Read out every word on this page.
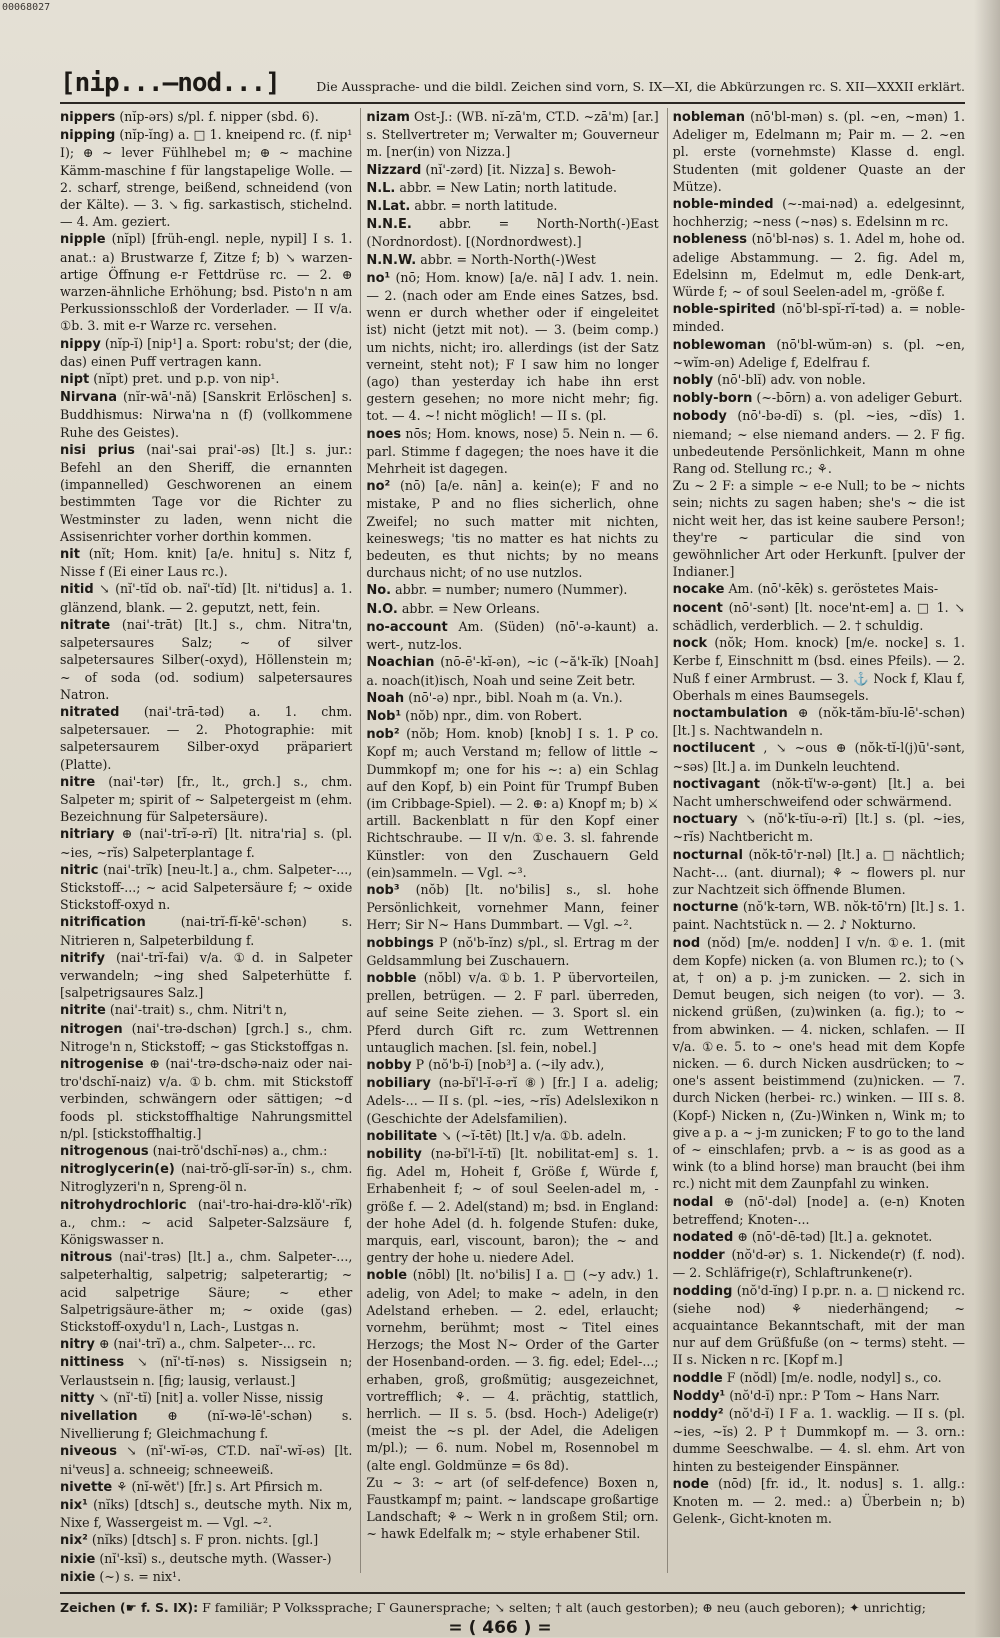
00068027
[nip...—nod...]	Die Aussprache- und die bildl. Zeichen sind vorn, S. IX—XI, die Abkürzungen rc. S. XII—XXXII erklärt.

nippers (nĭp-ərs) s/pl. f. nipper (sbd. 6).

nipping (nĭp-ĭng) a. □ 1. kneipend rc. (f. nip¹ I); ⊕ ~ lever Fühlhebel m; ⊕ ~ machine Kämm-maschine f für langstapelige Wolle. — 2. scharf, strenge, beißend, schneidend (von der Kälte). — 3. ↘ fig. sarkastisch, stichelnd. — 4. Am. geziert.

nipple (nĭpl) [früh-engl. neple, nypil] I s. 1. anat.: a) Brustwarze f, Zitze f; b) ↘ warzen-artige Öffnung e-r Fettdrüse rc. — 2. ⊕ warzen-ähnliche Erhöhung; bsd. Pisto'n n am Perkussionsschloß der Vorderlader. — II v/a. ①b. 3. mit e-r Warze rc. versehen.

nippy (nĭp-ĭ) [nip¹] a. Sport: robu'st; der (die, das) einen Puff vertragen kann.

nipt (nĭpt) pret. und p.p. von nip¹.

Nirvana (nĭr-wā'-nă) [Sanskrit Erlöschen] s. Buddhismus: Nirwa'na n (f) (vollkommene Ruhe des Geistes).

nisi prius (nai'-sai prai'-əs) [lt.] s. jur.: Befehl an den Sheriff, die ernannten (impannelled) Geschworenen an einem bestimmten Tage vor die Richter zu Westminster zu laden, wenn nicht die Assisenrichter vorher dorthin kommen.

nit (nĭt; Hom. knit) [a/e. hnitu] s. Nitz f, Nisse f (Ei einer Laus rc.).

nitid ↘ (nĭ'-tĭd ob. naĭ'-tĭd) [lt. ni'tidus] a. 1. glänzend, blank. — 2. geputzt, nett, fein.

nitrate (nai'-trāt) [lt.] s., chm. Nitra'tn, salpetersaures Salz; ~ of silver salpetersaures Silber(-oxyd), Höllenstein m; ~ of soda (od. sodium) salpetersaures Natron.

nitrated (nai'-trā-təd) a. 1. chm. salpetersauer. — 2. Photographie: mit salpetersaurem Silber-oxyd präpariert (Platte).

nitre (nai'-tər) [fr., lt., grch.] s., chm. Salpeter m; spirit of ~ Salpetergeist m (ehm. Bezeichnung für Salpetersäure).

nitriary ⊕ (nai'-trĭ-ə-rĭ) [lt. nitra'ria] s. (pl. ~ies, ~rĭs) Salpeterplantage f.

nitric (nai'-trĭk) [neu-lt.] a., chm. Salpeter-..., Stickstoff-...; ~ acid Salpetersäure f; ~ oxide Stickstoff-oxyd n.

nitrification	(nai-trĭ-fĭ-kē'-schən) s. Nitrieren n, Salpeterbildung f.

nitrify (nai'-trĭ-fai) v/a. ①d. in Salpeter verwandeln; ~ing shed Salpeterhütte f. [salpetrigsaures Salz.]

nitrite (nai'-trait) s., chm. Nitri't n,

nitrogen (nai'-trə-dschən) [grch.] s., chm. Nitroge'n n, Stickstoff; ~ gas Stickstoffgas n.

nitrogenise ⊕ (nai'-trə-dschə-naiz oder nai-tro'dschĭ-naiz) v/a. ①b. chm. mit Stickstoff verbinden, schwängern oder sättigen; ~d foods pl. stickstoffhaltige Nahrungsmittel n/pl. [stickstoffhaltig.]

nitrogenous (nai-trŏ'dschĭ-nəs) a., chm.:

nitroglycerin(e) (nai-trŏ-glĭ-sər-ĭn) s., chm. Nitroglyzeri'n n, Spreng-öl n.

nitrohydrochloric (nai'-tro-hai-drə-klŏ'-rĭk) a., chm.: ~ acid Salpeter-Salzsäure f, Königswasser n.

nitrous (nai'-trəs) [lt.] a., chm. Salpeter-..., salpeterhaltig, salpetrig; salpeterartig; ~ acid salpetrige Säure; ~ ether Salpetrigsäure-äther m; ~ oxide (gas) Stickstoff-oxydu'l n, Lach-, Lustgas n.

nitry ⊕ (nai'-trĭ) a., chm. Salpeter-... rc.

nittiness ↘ (nĭ'-tĭ-nəs) s. Nissigsein n; Verlaustsein n. [fig; lausig, verlaust.]

nitty ↘ (nĭ'-tĭ) [nit] a. voller Nisse, nissig

nivellation ⊕ (nĭ-wə-lē'-schən) s. Nivellierung f; Gleichmachung f.

niveous ↘ (nĭ'-wĭ-əs, CT.D. naĭ'-wĭ-əs) [lt. ni'veus] a. schneeig; schneeweiß.

nivette ⚘ (nĭ-wĕt') [fr.] s. Art Pfirsich m.

nix¹ (nĭks) [dtsch] s., deutsche myth. Nix m, Nixe f, Wassergeist m. — Vgl. ~².

nix² (nĭks) [dtsch] s. F pron. nichts. [gl.]

nixie (nĭ'-ksĭ) s., deutsche myth. (Wasser-)

nixie (~) s. = nix¹.

nizam Ost-J.: (WB. nĭ-zā'm, CT.D. ~zā'm) [ar.] s. Stellvertreter m; Verwalter m; Gouverneur m. [ner(in) von Nizza.]

Nizzard (nĭ'-zərd) [it. Nizza] s. Bewoh-

N.L. abbr. = New Latin; north latitude.

N.Lat. abbr. = north latitude.

N.N.E. abbr. = North-North(-)East (Nordnordost). [(Nordnordwest).]

N.N.W. abbr. = North-North(-)West

no¹ (nō; Hom. know) [a/e. nā] I adv. 1. nein. — 2. (nach oder am Ende eines Satzes, bsd. wenn er durch whether oder if eingeleitet ist) nicht (jetzt mit not). — 3. (beim comp.) um nichts, nicht; iro. allerdings (ist der Satz verneint, steht not); F I saw him no longer (ago) than yesterday ich habe ihn erst gestern gesehen; no more nicht mehr; fig. tot. — 4. ~! nicht möglich! — II s. (pl.

noes nōs; Hom. knows, nose) 5. Nein n. — 6. parl. Stimme f dagegen; the noes have it die Mehrheit ist dagegen.

no² (nō) [a/e. nān] a. kein(e); F and no mistake, P and no flies sicherlich, ohne Zweifel; no such matter mit nichten, keineswegs; 'tis no matter es hat nichts zu bedeuten, es thut nichts; by no means durchaus nicht; of no use nutzlos.

No. abbr. = number; numero (Nummer).

N.O. abbr. = New Orleans.

no-account Am. (Süden) (nō'-ə-kaunt) a. wert-, nutz-los.

Noachian (nō-ē'-kĭ-ən), ~ic (~ă'k-ĭk) [Noah] a. noach(it)isch, Noah und seine Zeit betr.

Noah (nō'-ə) npr., bibl. Noah m (a. Vn.).

Nob¹ (nŏb) npr., dim. von Robert.

nob² (nŏb; Hom. knob) [knob] I s. 1. P co. Kopf m; auch Verstand m; fellow of little ~ Dummkopf m; one for his ~: a) ein Schlag auf den Kopf, b) ein Point für Trumpf Buben (im Cribbage-Spiel). — 2. ⊕: a) Knopf m; b) ⚔ artill. Backenblatt n für den Kopf einer Richtschraube. — II v/n. ①e. 3. sl. fahrende Künstler: von den Zuschauern Geld (ein)sammeln. — Vgl. ~³.

nob³ (nŏb) [lt. no'bilis] s., sl. hohe Persönlichkeit, vornehmer Mann, feiner Herr; Sir N~ Hans Dummbart. — Vgl. ~².

nobbings P (nŏ'b-ĭnz) s/pl., sl. Ertrag m der Geldsammlung bei Zuschauern.

nobble (nŏbl) v/a. ①b. 1. P übervorteilen, prellen, betrügen. — 2. F parl. überreden, auf seine Seite ziehen. — 3. Sport sl. ein Pferd durch Gift rc. zum Wettrennen untauglich machen. [sl. fein, nobel.]

nobby P (nŏ'b-ĭ) [nob³] a. (~ily adv.),

nobiliary (nə-bĭ'l-ĭ-ə-rĭ ⑧) [fr.] I a. adelig; Adels-... — II s. (pl. ~ies, ~rĭs) Adelslexikon n (Geschichte der Adelsfamilien).

nobilitate ↘ (~ĭ-tēt) [lt.] v/a. ①b. adeln.

nobility (nə-bĭ'l-ĭ-tĭ) [lt. nobilitat-em] s. 1. fig. Adel m, Hoheit f, Größe f, Würde f, Erhabenheit f; ~ of soul Seelen-adel m, -größe f. — 2. Adel(stand) m; bsd. in England: der hohe Adel (d. h. folgende Stufen: duke, marquis, earl, viscount, baron); the ~ and gentry der hohe u. niedere Adel.

noble (nōbl) [lt. no'bilis] I a. □ (~y adv.) 1. adelig, von Adel; to make ~ adeln, in den Adelstand erheben. — 2. edel, erlaucht; vornehm, berühmt; most ~ Titel eines Herzogs; the Most N~ Order of the Garter der Hosenband-orden. — 3. fig. edel; Edel-...; erhaben, groß, großmütig; ausgezeichnet, vortrefflich; ⚘. — 4. prächtig, stattlich, herrlich. — II s. 5. (bsd. Hoch-) Adelige(r) (meist the ~s pl. der Adel, die Adeligen m/pl.); — 6. num. Nobel m, Rosennobel m (alte engl. Goldmünze = 6s 8d).

Zu ~ 3: ~ art (of self-defence) Boxen n, Faustkampf m; paint. ~ landscape großartige Landschaft; ⚘ ~ Werk n in großem Stil; orn. ~ hawk Edelfalk m; ~ style erhabener Stil.

nobleman (nō'bl-mən) s. (pl. ~en, ~mən) 1. Adeliger m, Edelmann m; Pair m. — 2. ~en pl. erste (vornehmste) Klasse d. engl. Studenten (mit goldener Quaste an der Mütze).

noble-minded (~-mai-nəd) a. edelgesinnt, hochherzig; ~ness (~nəs) s. Edelsinn m rc.

nobleness (nō'bl-nəs) s. 1. Adel m, hohe od. adelige Abstammung. — 2. fig. Adel m, Edelsinn m, Edelmut m, edle Denk-art, Würde f; ~ of soul Seelen-adel m, -größe f.

noble-spirited (nō'bl-spĭ-rĭ-təd) a. = noble-minded.

noblewoman (nō'bl-wŭm-ən) s. (pl. ~en, ~wĭm-ən) Adelige f, Edelfrau f.

nobly (nō'-blĭ) adv. von noble.

nobly-born (~-bōrn) a. von adeliger Geburt.

nobody (nō'-bə-dĭ) s. (pl. ~ies, ~dĭs) 1. niemand; ~ else niemand anders. — 2. F fig. unbedeutende Persönlichkeit, Mann m ohne Rang od. Stellung rc.; ⚘.

Zu ~ 2 F: a simple ~ e-e Null; to be ~ nichts sein; nichts zu sagen haben; she's ~ die ist nicht weit her, das ist keine saubere Person!; they're ~ particular die sind von gewöhnlicher Art oder Herkunft. [pulver der Indianer.]

nocake Am. (nō'-kēk) s. geröstetes Mais-

nocent (nō'-sənt) [lt. noce'nt-em] a. □ 1. ↘ schädlich, verderblich. — 2. † schuldig.

nock (nŏk; Hom. knock) [m/e. nocke] s. 1. Kerbe f, Einschnitt m (bsd. eines Pfeils). — 2. Nuß f einer Armbrust. — 3. ⚓ Nock f, Klau f, Oberhals m eines Baumsegels.

noctambulation ⊕ (nŏk-tăm-bĭu-lē'-schən) [lt.] s. Nachtwandeln n.

noctilucent , ↘ ~ous ⊕ (nŏk-tĭ-l(j)ū'-sənt, ~səs) [lt.] a. im Dunkeln leuchtend.

noctivagant (nŏk-tĭ'w-ə-gənt) [lt.] a. bei Nacht umherschweifend oder schwärmend.

noctuary ↘ (nŏ'k-tĭu-ə-rĭ) [lt.] s. (pl. ~ies, ~rĭs) Nachtbericht m.

nocturnal (nŏk-tō'r-nəl) [lt.] a. □ nächtlich; Nacht-... (ant. diurnal); ⚘ ~ flowers pl. nur zur Nachtzeit sich öffnende Blumen.

nocturne (nŏ'k-tərn, WB. nŏk-tō'rn) [lt.] s. 1. paint. Nachtstück n. — 2. ♪ Nokturno.

nod (nŏd) [m/e. nodden] I v/n. ①e. 1. (mit dem Kopfe) nicken (a. von Blumen rc.); to (↘ at, † on) a p. j-m zunicken. — 2. sich in Demut beugen, sich neigen (to vor). — 3. nickend grüßen, (zu)winken (a. fig.); to ~ from abwinken. — 4. nicken, schlafen. — II v/a. ①e. 5. to ~ one's head mit dem Kopfe nicken. — 6. durch Nicken ausdrücken; to ~ one's assent beistimmend (zu)nicken. — 7. durch Nicken (herbei- rc.) winken. — III s. 8. (Kopf-) Nicken n, (Zu-)Winken n, Wink m; to give a p. a ~ j-m zunicken; F to go to the land of ~ einschlafen; prvb. a ~ is as good as a wink (to a blind horse) man braucht (bei ihm rc.) nicht mit dem Zaunpfahl zu winken.

nodal ⊕ (nō'-dəl) [node] a. (e-n) Knoten betreffend; Knoten-...

nodated ⊕ (nō'-dē-təd) [lt.] a. geknotet.

nodder (nŏ'd-ər) s. 1. Nickende(r) (f. nod). — 2. Schläfrige(r), Schlaftrunkene(r).

nodding (nŏ'd-ĭng) I p.pr. n. a. □ nickend rc. (siehe nod) ⚘ niederhängend; ~ acquaintance Bekanntschaft, mit der man nur auf dem Grüßfuße (on ~ terms) steht. — II s. Nicken n rc. [Kopf m.]

noddle F (nŏdl) [m/e. nodle, nodyl] s., co.

Noddy¹ (nŏ'd-ĭ) npr.: P Tom ~ Hans Narr.

noddy² (nŏ'd-ĭ) I F a. 1. wacklig. — II s. (pl. ~ies, ~ĭs) 2. P † Dummkopf m. — 3. orn.: dumme Seeschwalbe. — 4. sl. ehm. Art von hinten zu besteigender Einspänner.

node (nōd) [fr. id., lt. nodus] s. 1. allg.: Knoten m. — 2. med.: a) Überbein n; b) Gelenk-, Gicht-knoten m.

Zeichen (☛ f. S. IX): F familiär; P Volkssprache; Γ Gaunersprache; ↘ selten; † alt (auch gestorben); ⊕ neu (auch geboren); ✦ unrichtig;
= ( 466 ) =
